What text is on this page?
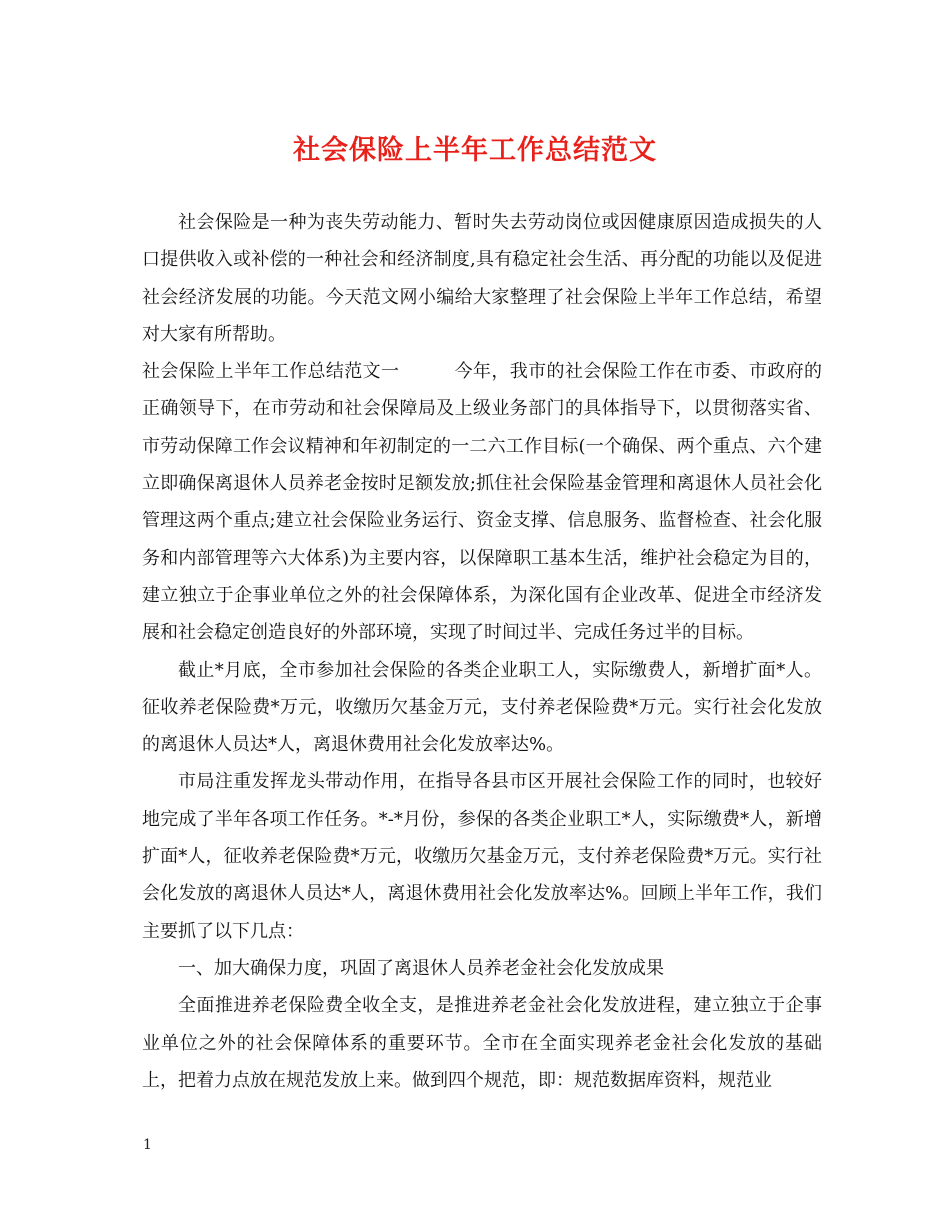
社会保险上半年工作总结范文

社会保险是一种为丧失劳动能力、暂时失去劳动岗位或因健康原因造成损失的人口提供收入或补偿的一种社会和经济制度,具有稳定社会生活、再分配的功能以及促进社会经济发展的功能。今天范文网小编给大家整理了社会保险上半年工作总结，希望对大家有所帮助。

社会保险上半年工作总结范文一　　　今年，我市的社会保险工作在市委、市政府的正确领导下，在市劳动和社会保障局及上级业务部门的具体指导下，以贯彻落实省、市劳动保障工作会议精神和年初制定的一二六工作目标(一个确保、两个重点、六个建立即确保离退休人员养老金按时足额发放;抓住社会保险基金管理和离退休人员社会化管理这两个重点;建立社会保险业务运行、资金支撑、信息服务、监督检查、社会化服务和内部管理等六大体系)为主要内容，以保障职工基本生活，维护社会稳定为目的，建立独立于企事业单位之外的社会保障体系，为深化国有企业改革、促进全市经济发展和社会稳定创造良好的外部环境，实现了时间过半、完成任务过半的目标。

截止*月底，全市参加社会保险的各类企业职工人，实际缴费人，新增扩面*人。征收养老保险费*万元，收缴历欠基金万元，支付养老保险费*万元。实行社会化发放的离退休人员达*人，离退休费用社会化发放率达%。

市局注重发挥龙头带动作用，在指导各县市区开展社会保险工作的同时，也较好地完成了半年各项工作任务。*-*月份，参保的各类企业职工*人，实际缴费*人，新增扩面*人，征收养老保险费*万元，收缴历欠基金万元，支付养老保险费*万元。实行社会化发放的离退休人员达*人，离退休费用社会化发放率达%。回顾上半年工作，我们主要抓了以下几点：

一、加大确保力度，巩固了离退休人员养老金社会化发放成果

全面推进养老保险费全收全支，是推进养老金社会化发放进程，建立独立于企事业单位之外的社会保障体系的重要环节。全市在全面实现养老金社会化发放的基础上，把着力点放在规范发放上来。做到四个规范，即：规范数据库资料，规范业

1
